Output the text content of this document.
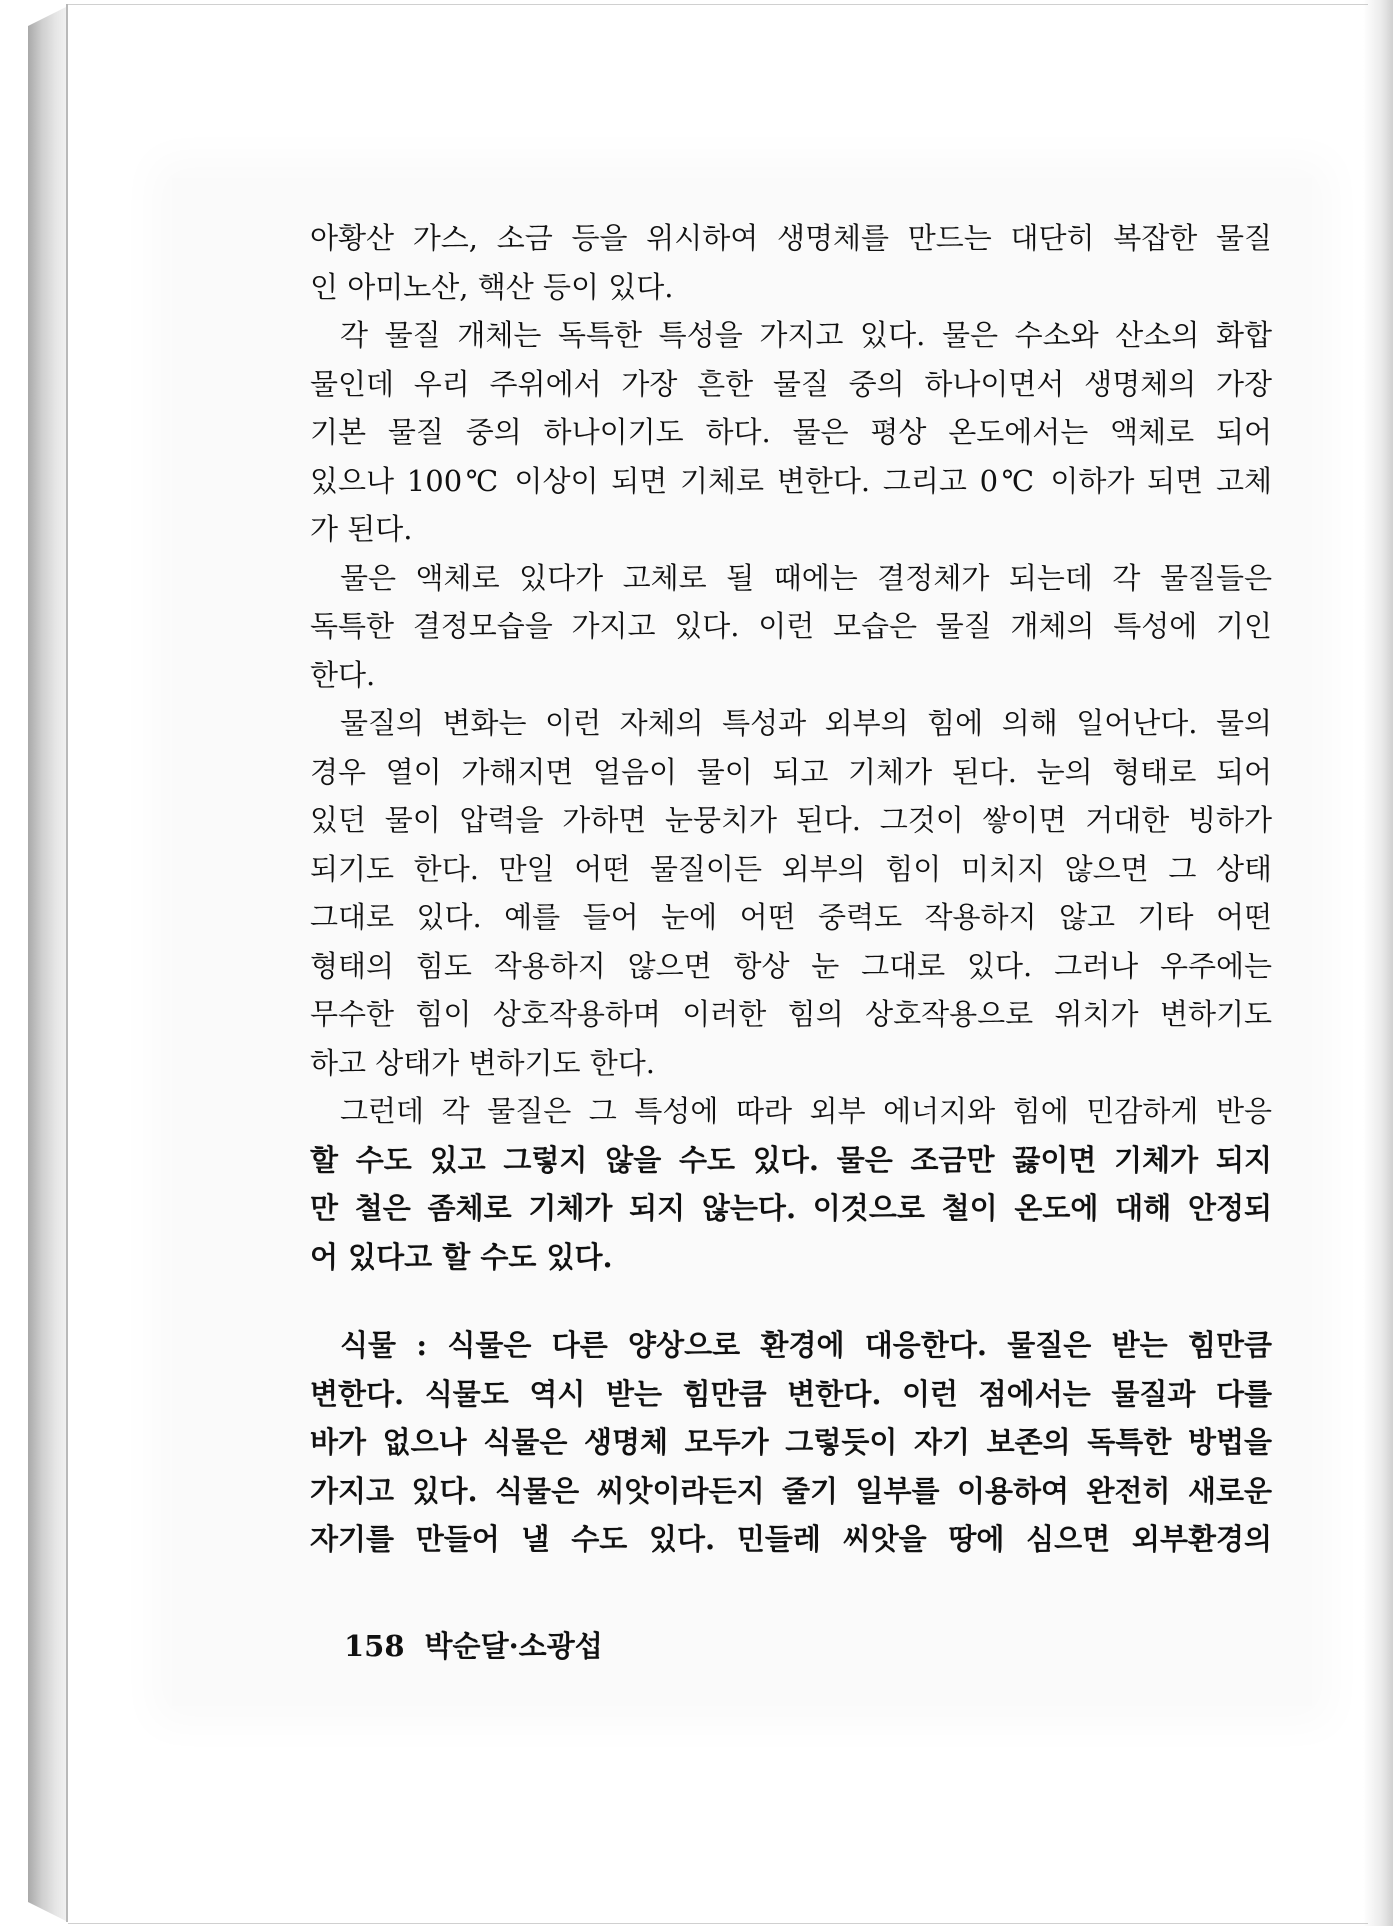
아황산 가스, 소금 등을 위시하여 생명체를 만드는 대단히 복잡한 물질
인 아미노산, 핵산 등이 있다.
각 물질 개체는 독특한 특성을 가지고 있다. 물은 수소와 산소의 화합
물인데 우리 주위에서 가장 흔한 물질 중의 하나이면서 생명체의 가장
기본 물질 중의 하나이기도 하다. 물은 평상 온도에서는 액체로 되어
있으나 100℃ 이상이 되면 기체로 변한다. 그리고 0℃ 이하가 되면 고체
가 된다.
물은 액체로 있다가 고체로 될 때에는 결정체가 되는데 각 물질들은
독특한 결정모습을 가지고 있다. 이런 모습은 물질 개체의 특성에 기인
한다.
물질의 변화는 이런 자체의 특성과 외부의 힘에 의해 일어난다. 물의
경우 열이 가해지면 얼음이 물이 되고 기체가 된다. 눈의 형태로 되어
있던 물이 압력을 가하면 눈뭉치가 된다. 그것이 쌓이면 거대한 빙하가
되기도 한다. 만일 어떤 물질이든 외부의 힘이 미치지 않으면 그 상태
그대로 있다. 예를 들어 눈에 어떤 중력도 작용하지 않고 기타 어떤
형태의 힘도 작용하지 않으면 항상 눈 그대로 있다. 그러나 우주에는
무수한 힘이 상호작용하며 이러한 힘의 상호작용으로 위치가 변하기도
하고 상태가 변하기도 한다.
그런데 각 물질은 그 특성에 따라 외부 에너지와 힘에 민감하게 반응
할 수도 있고 그렇지 않을 수도 있다. 물은 조금만 끓이면 기체가 되지
만 철은 좀체로 기체가 되지 않는다. 이것으로 철이 온도에 대해 안정되
어 있다고 할 수도 있다.
식물 : 식물은 다른 양상으로 환경에 대응한다. 물질은 받는 힘만큼
변한다. 식물도 역시 받는 힘만큼 변한다. 이런 점에서는 물질과 다를
바가 없으나 식물은 생명체 모두가 그렇듯이 자기 보존의 독특한 방법을
가지고 있다. 식물은 씨앗이라든지 줄기 일부를 이용하여 완전히 새로운
자기를 만들어 낼 수도 있다. 민들레 씨앗을 땅에 심으면 외부환경의
158 박순달·소광섭
